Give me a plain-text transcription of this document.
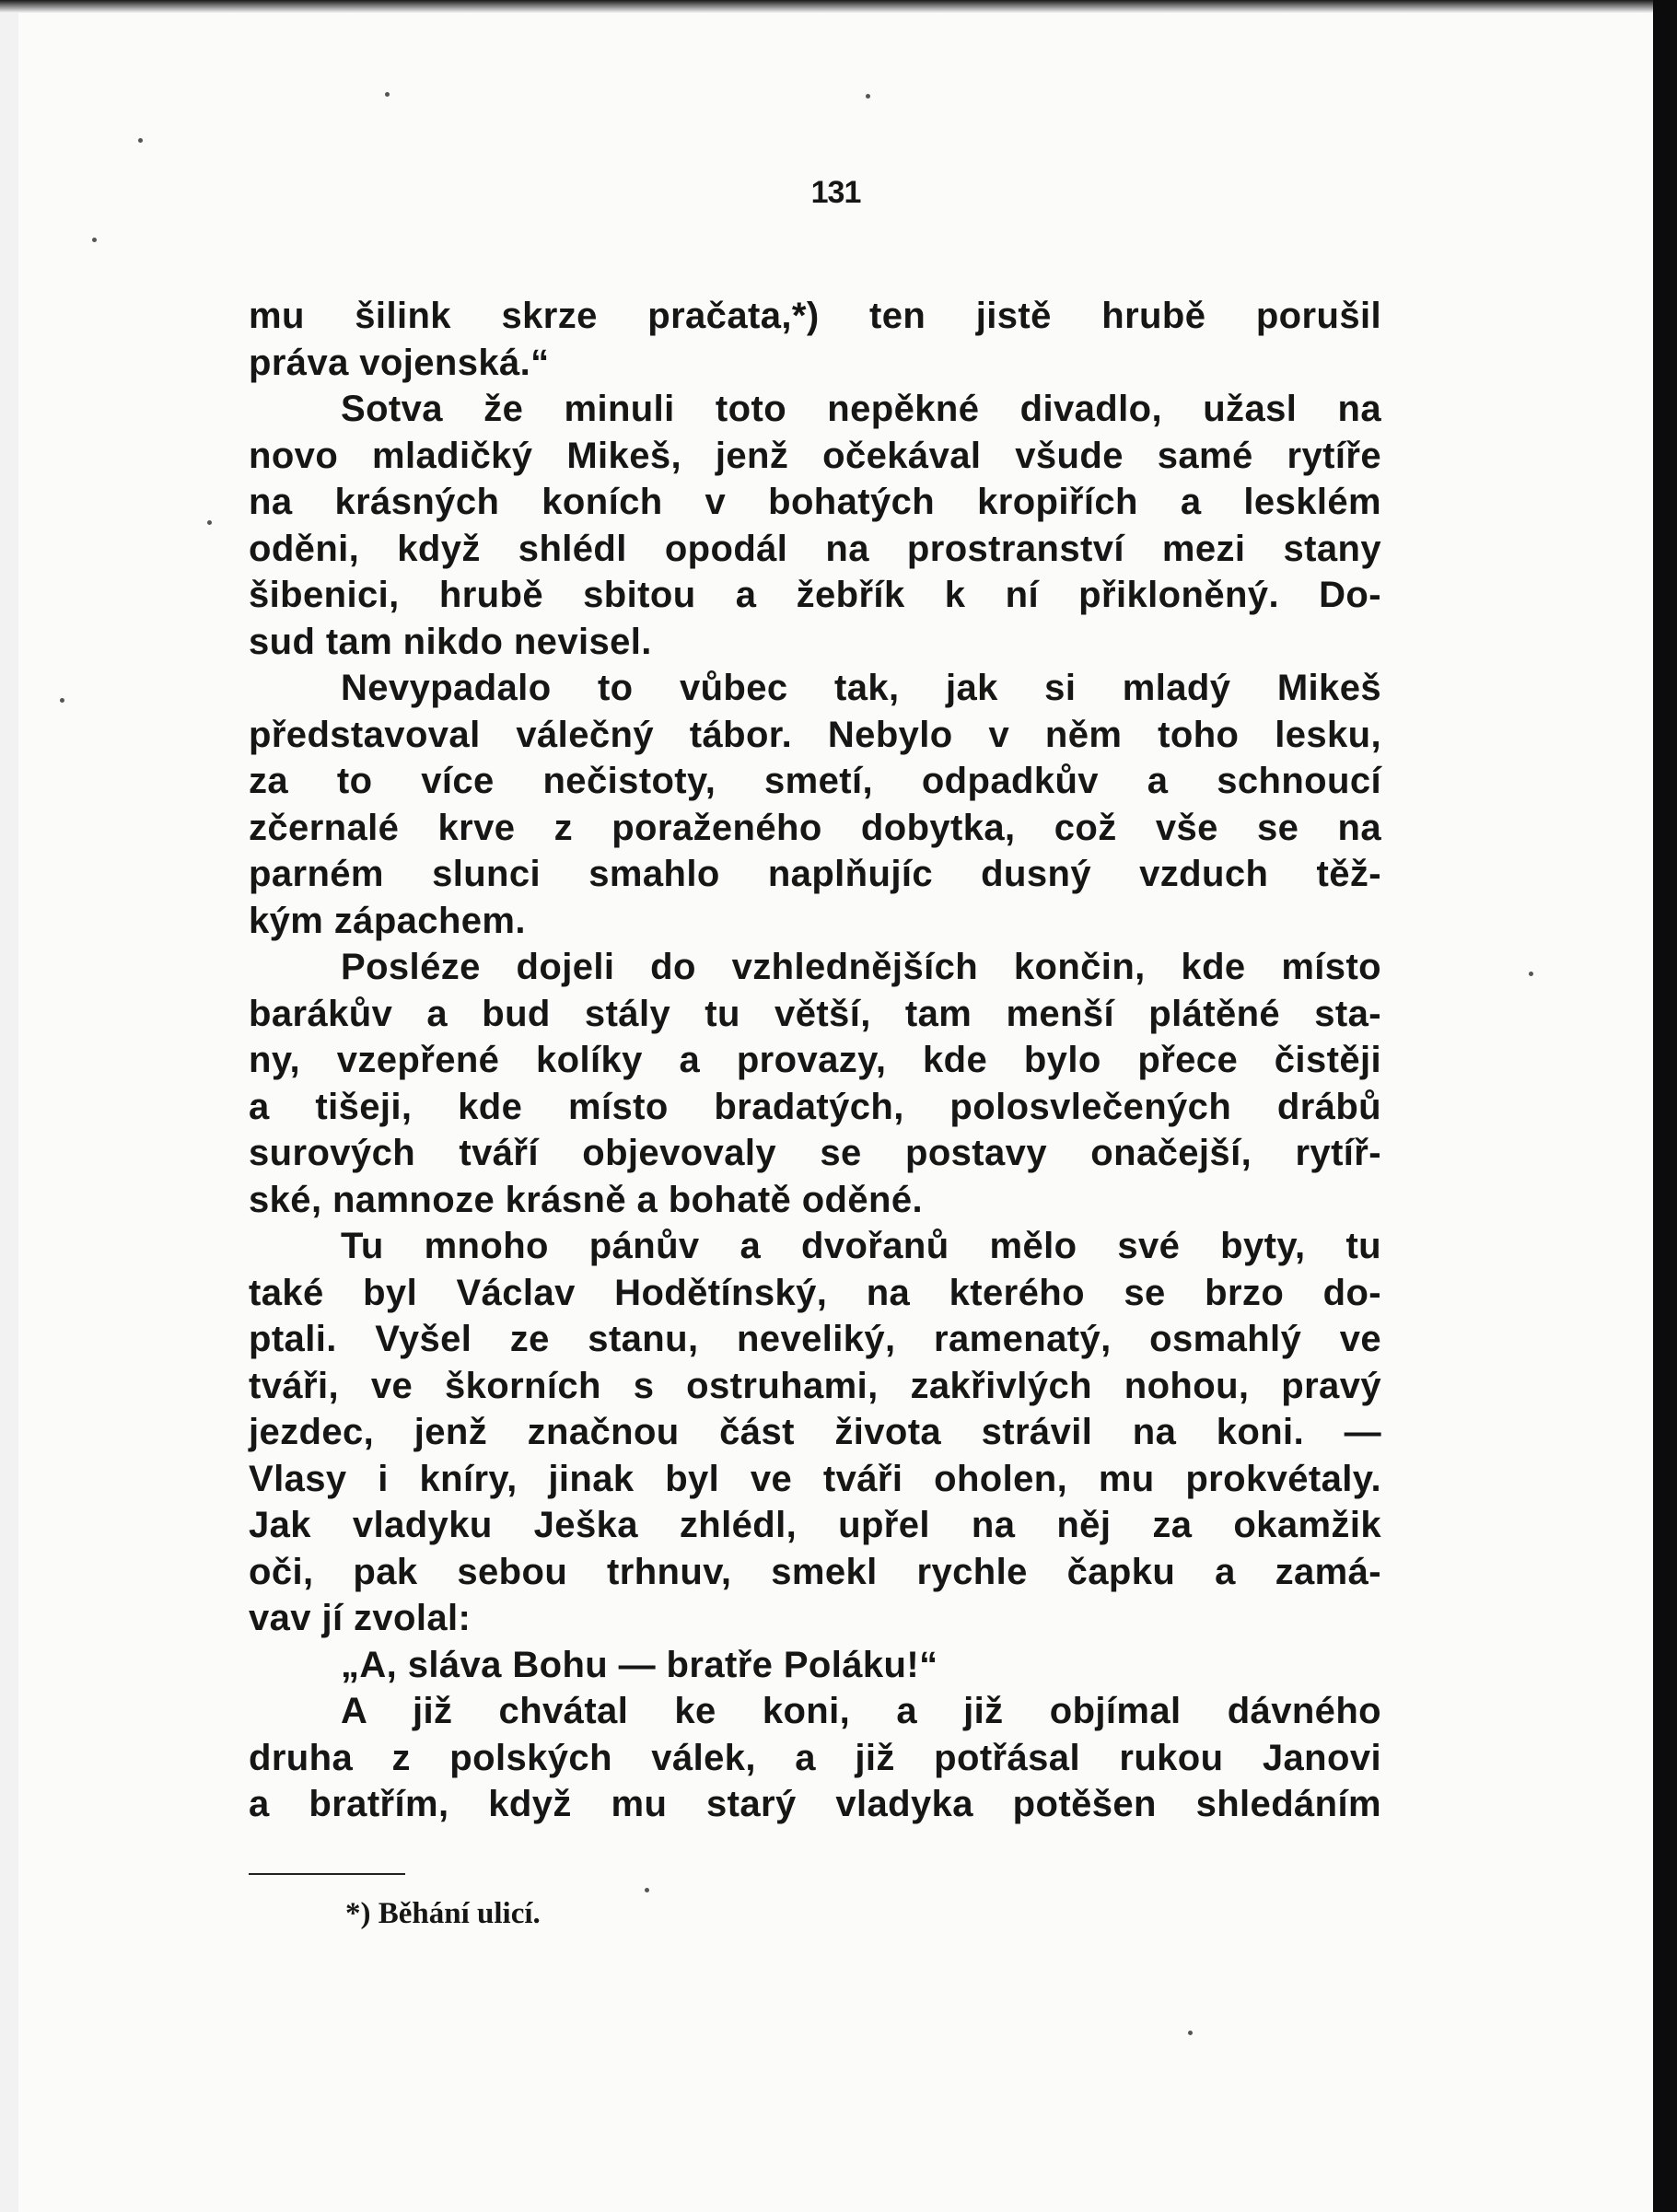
131
mu šilink skrze pračata,*) ten jistě hrubě porušil
práva vojenská.“
Sotva že minuli toto nepěkné divadlo, užasl na
novo mladičký Mikeš, jenž očekával všude samé rytíře
na krásných koních v bohatých kropiřích a lesklém
oděni, když shlédl opodál na prostranství mezi stany
šibenici, hrubě sbitou a žebřík k ní přikloněný. Do-
sud tam nikdo nevisel.
Nevypadalo to vůbec tak, jak si mladý Mikeš
představoval válečný tábor. Nebylo v něm toho lesku,
za to více nečistoty, smetí, odpadkův a schnoucí
zčernalé krve z poraženého dobytka, což vše se na
parném slunci smahlo naplňujíc dusný vzduch těž-
kým zápachem.
Posléze dojeli do vzhlednějších končin, kde místo
barákův a bud stály tu větší, tam menší plátěné sta-
ny, vzepřené kolíky a provazy, kde bylo přece čistěji
a tišeji, kde místo bradatých, polosvlečených drábů
surových tváří objevovaly se postavy onačejší, rytíř-
ské, namnoze krásně a bohatě oděné.
Tu mnoho pánův a dvořanů mělo své byty, tu
také byl Václav Hodětínský, na kterého se brzo do-
ptali. Vyšel ze stanu, neveliký, ramenatý, osmahlý ve
tváři, ve škorních s ostruhami, zakřivlých nohou, pravý
jezdec, jenž značnou část života strávil na koni. —
Vlasy i kníry, jinak byl ve tváři oholen, mu prokvétaly.
Jak vladyku Ješka zhlédl, upřel na něj za okamžik
oči, pak sebou trhnuv, smekl rychle čapku a zamá-
vav jí zvolal:
„A, sláva Bohu — bratře Poláku!“
A již chvátal ke koni, a již objímal dávného
druha z polských válek, a již potřásal rukou Janovi
a bratřím, když mu starý vladyka potěšen shledáním
*) Běhání ulicí.
